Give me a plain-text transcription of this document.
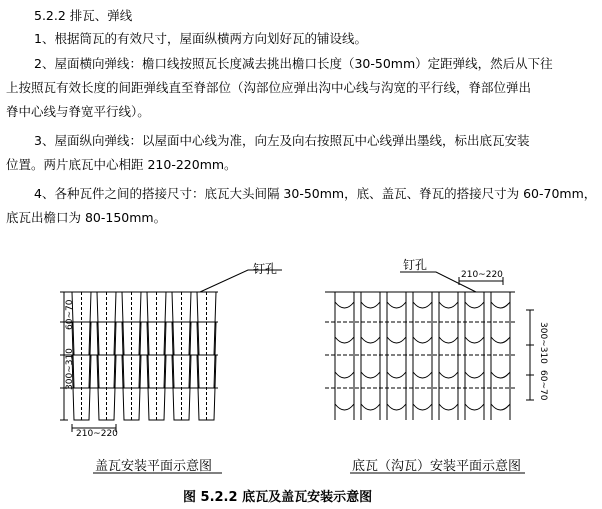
5.2.2 排瓦、弹线
1、根据筒瓦的有效尺寸，屋面纵横两方向划好瓦的铺设线。
2、屋面横向弹线：檐口线按照瓦长度减去挑出檐口长度（30-50mm）定距弹线，然后从下往
上按照瓦有效长度的间距弹线直至脊部位（沟部位应弹出沟中心线与沟宽的平行线，脊部位弹出
脊中心线与脊宽平行线）。
3、屋面纵向弹线：以屋面中心线为准，向左及向右按照瓦中心线弹出墨线，标出底瓦安装
位置。两片底瓦中心相距 210-220mm。
4、各种瓦件之间的搭接尺寸：底瓦大头间隔 30-50mm，底、盖瓦、脊瓦的搭接尺寸为 60-70mm，
底瓦出檐口为 80-150mm。
钉孔
60~70
300~310
210~220
钉孔
210~220
300~310
60~70
盖瓦安装平面示意图	底瓦（沟瓦）安装平面示意图
图 5.2.2 底瓦及盖瓦安装示意图
